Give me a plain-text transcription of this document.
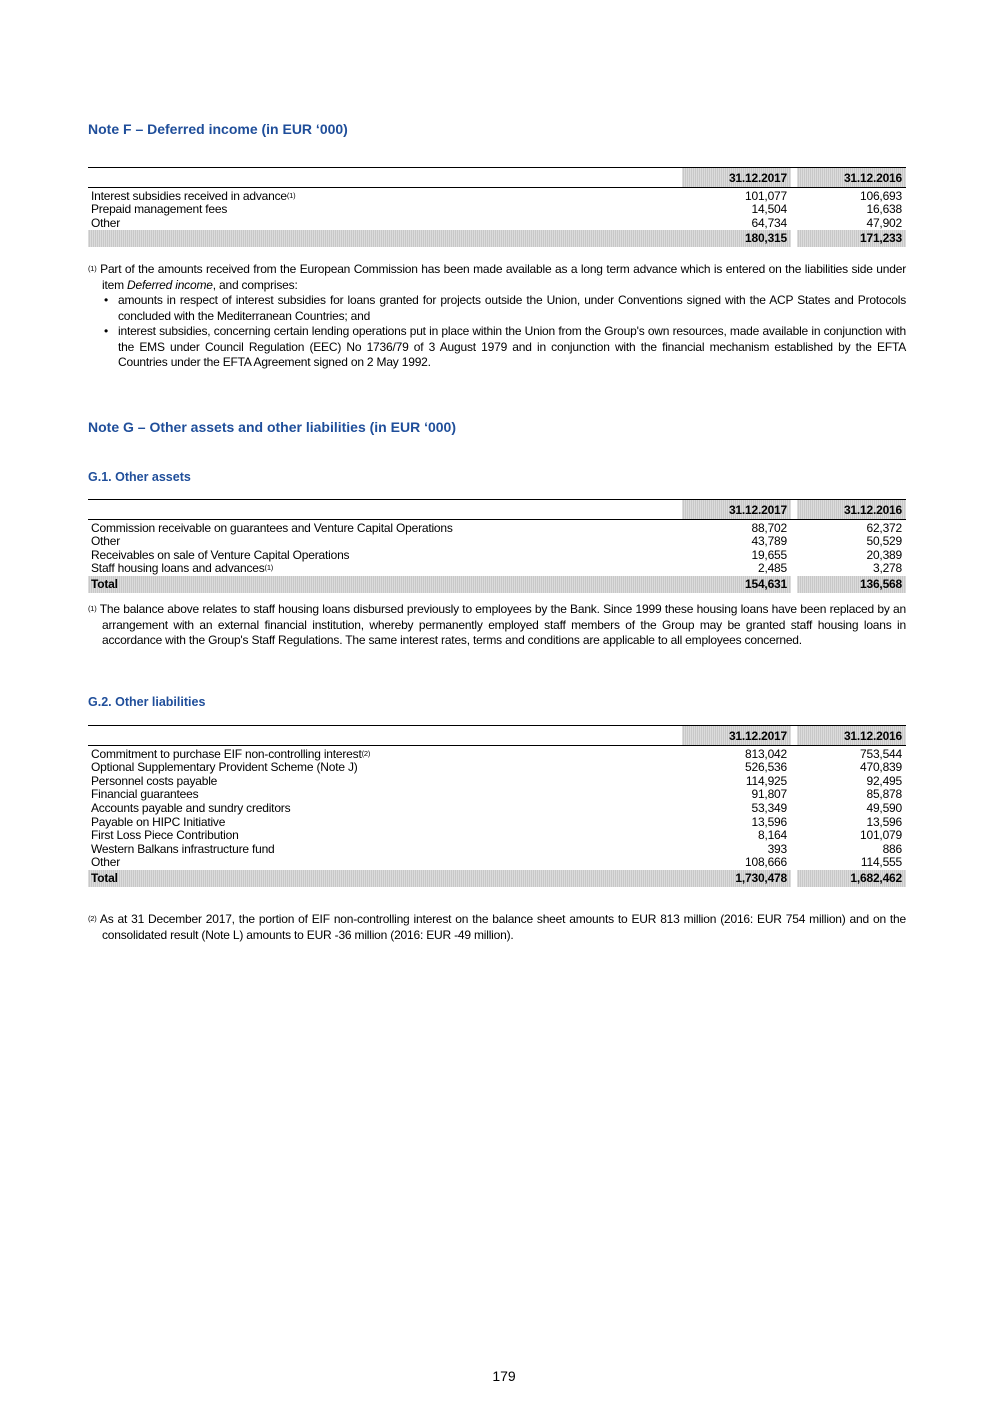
Note F – Deferred income (in EUR ‘000)
	31.12.2017		31.12.2016
Interest subsidies received in advance$^{(1)}$	101,077		106,693
Prepaid management fees	14,504		16,638
Other	64,734		47,902
	180,315		171,233

$^{(1)}$ Part of the amounts received from the European Commission has been made available as a long term advance which is entered on the liabilities side under item Deferred income, and comprises:

• amounts in respect of interest subsidies for loans granted for projects outside the Union, under Conventions signed with the ACP States and Protocols concluded with the Mediterranean Countries; and
• interest subsidies, concerning certain lending operations put in place within the Union from the Group's own resources, made available in conjunction with the EMS under Council Regulation (EEC) No 1736/79 of 3 August 1979 and in conjunction with the financial mechanism established by the EFTA Countries under the EFTA Agreement signed on 2 May 1992.
Note G – Other assets and other liabilities (in EUR ‘000)
G.1. Other assets
	31.12.2017		31.12.2016
Commission receivable on guarantees and Venture Capital Operations	88,702		62,372
Other	43,789		50,529
Receivables on sale of Venture Capital Operations	19,655		20,389
Staff housing loans and advances$^{(1)}$	2,485		3,278
Total	154,631		136,568

$^{(1)}$ The balance above relates to staff housing loans disbursed previously to employees by the Bank. Since 1999 these housing loans have been replaced by an arrangement with an external financial institution, whereby permanently employed staff members of the Group may be granted staff housing loans in accordance with the Group's Staff Regulations. The same interest rates, terms and conditions are applicable to all employees concerned.

G.2. Other liabilities
	31.12.2017		31.12.2016
Commitment to purchase EIF non-controlling interest$^{(2)}$	813,042		753,544
Optional Supplementary Provident Scheme (Note J)	526,536		470,839
Personnel costs payable	114,925		92,495
Financial guarantees	91,807		85,878
Accounts payable and sundry creditors	53,349		49,590
Payable on HIPC Initiative	13,596		13,596
First Loss Piece Contribution	8,164		101,079
Western Balkans infrastructure fund	393		886
Other	108,666		114,555
Total	1,730,478		1,682,462

$^{(2)}$ As at 31 December 2017, the portion of EIF non-controlling interest on the balance sheet amounts to EUR 813 million (2016: EUR 754 million) and on the consolidated result (Note L) amounts to EUR -36 million (2016: EUR -49 million).

179
